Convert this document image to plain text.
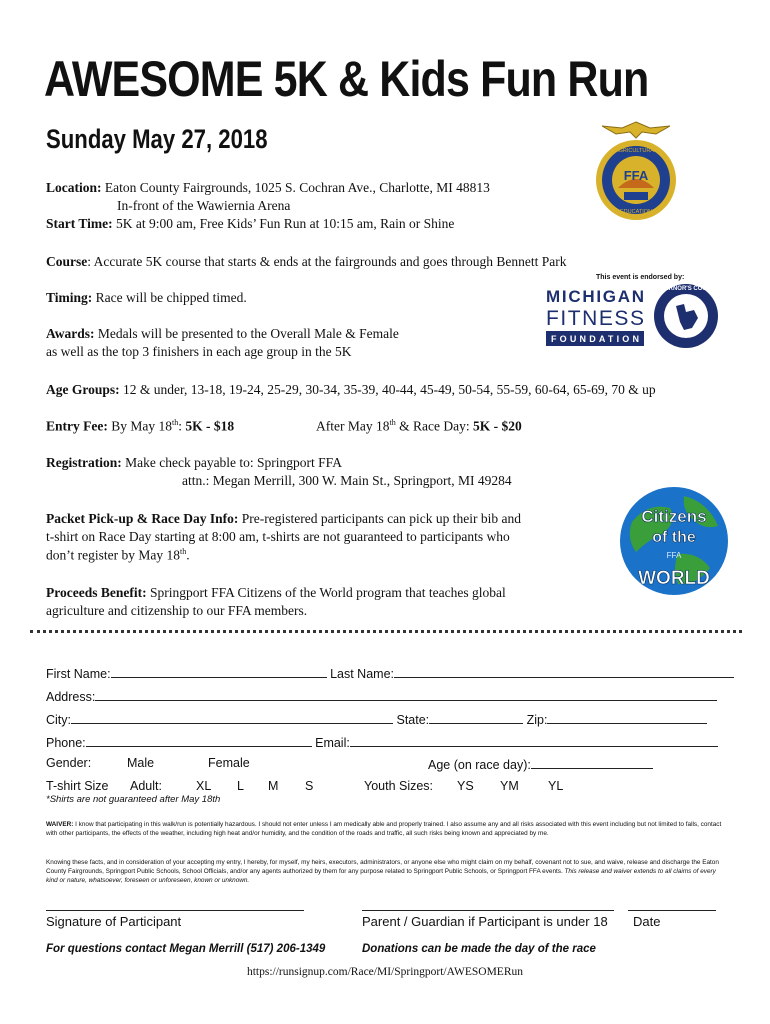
AWESOME 5K & Kids Fun Run
Sunday May 27, 2018
FFA
AGRICULTURAL
EDUCATION
Location: Eaton County Fairgrounds, 1025 S. Cochran Ave., Charlotte, MI 48813
In-front of the Wawiernia Arena
Start Time: 5K at 9:00 am, Free Kids’ Fun Run at 10:15 am, Rain or Shine
Course: Accurate 5K course that starts & ends at the fairgrounds and goes through Bennett Park
This event is endorsed by:
MICHIGAN
FITNESS
FOUNDATION
GOVERNOR'S COUNCIL
Timing: Race will be chipped timed.
Awards: Medals will be presented to the Overall Male & Female
as well as the top 3 finishers in each age group in the 5K
Age Groups: 12 & under, 13-18, 19-24, 25-29, 30-34, 35-39, 40-44, 45-49, 50-54, 55-59, 60-64, 65-69, 70 & up
Entry Fee: By May 18th: 5K - $18	After May 18th & Race Day: 5K - $20
Registration: Make check payable to: Springport FFA
attn.: Megan Merrill, 300 W. Main St., Springport, MI 49284
Packet Pick-up & Race Day Info: Pre-registered participants can pick up their bib and
t-shirt on Race Day starting at 8:00 am, t-shirts are not guaranteed to participants who
don’t register by May 18th.
Citizens
of the
FFA
WORLD
Proceeds Benefit: Springport FFA Citizens of the World program that teaches global
agriculture and citizenship to our FFA members.
First Name:	Last Name:
Address:
City:	State:	Zip:
Phone:	Email:
Gender:	Male	Female	Age (on race day):
T-shirt Size Adult:	XL L M S	Youth Sizes: YS YM YL
*Shirts are not guaranteed after May 18th
WAIVER: I know that participating in this walk/run is potentially hazardous. I should not enter unless I am medically able and properly trained. I also assume any and all risks associated with this event including but not limited to falls, contact with other participants, the effects of the weather, including high heat and/or humidity, and the condition of the roads and traffic, all such risks being known and appreciated by me.
Knowing these facts, and in consideration of your accepting my entry, I hereby, for myself, my heirs, executors, administrators, or anyone else who might claim on my behalf, covenant not to sue, and waive, release and discharge the Eaton County Fairgrounds, Springport Public Schools, School Officials, and/or any agents authorized by them for any purpose related to Springport Public Schools, or Springport FFA events. This release and waiver extends to all claims of every kind or nature, whatsoever, foreseen or unforeseen, known or unknown.
Signature of Participant	Parent / Guardian if Participant is under 18 Date
For questions contact Megan Merrill (517) 206-1349	Donations can be made the day of the race
https://runsignup.com/Race/MI/Springport/AWESOMERun
